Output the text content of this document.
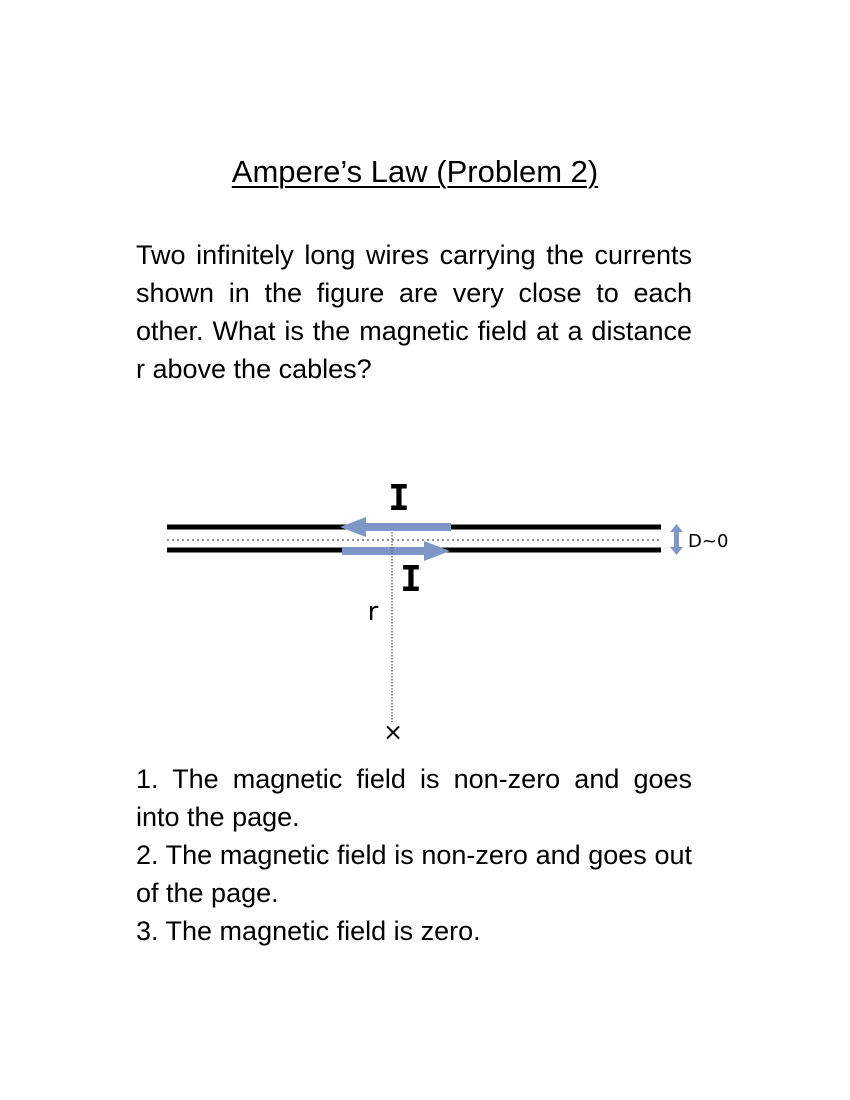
Ampere’s Law (Problem 2)

Two infinitely long wires carrying the currents shown in the figure are very close to each other. What is the magnetic field at a distance r above the cables?

I
I
r
×
D~0
1. The magnetic field is non-zero and goes into the page.
2. The magnetic field is non-zero and goes out of the page.
3. The magnetic field is zero.
